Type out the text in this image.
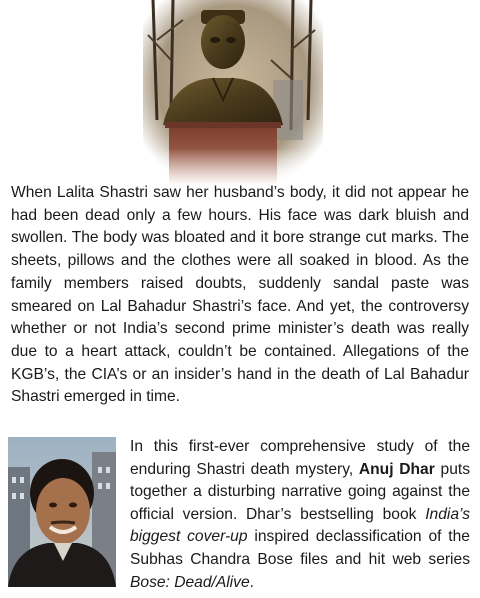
When Lalita Shastri saw her husband’s body, it did not appear he had been dead only a few hours. His face was dark bluish and swollen. The body was bloated and it bore strange cut marks. The sheets, pillows and the clothes were all soaked in blood. As the family members raised doubts, suddenly sandal paste was smeared on Lal Bahadur Shastri’s face. And yet, the controversy whether or not India’s second prime minister’s death was really due to a heart attack, couldn’t be contained. Allegations of the KGB’s, the CIA’s or an insider’s hand in the death of Lal Bahadur Shastri emerged in time.

In this first-ever comprehensive study of the enduring Shastri death mystery, Anuj Dhar puts together a disturbing narrative going against the official version. Dhar’s bestselling book India’s biggest cover-up inspired declassification of the Subhas Chandra Bose files and hit web series Bose: Dead/Alive.
